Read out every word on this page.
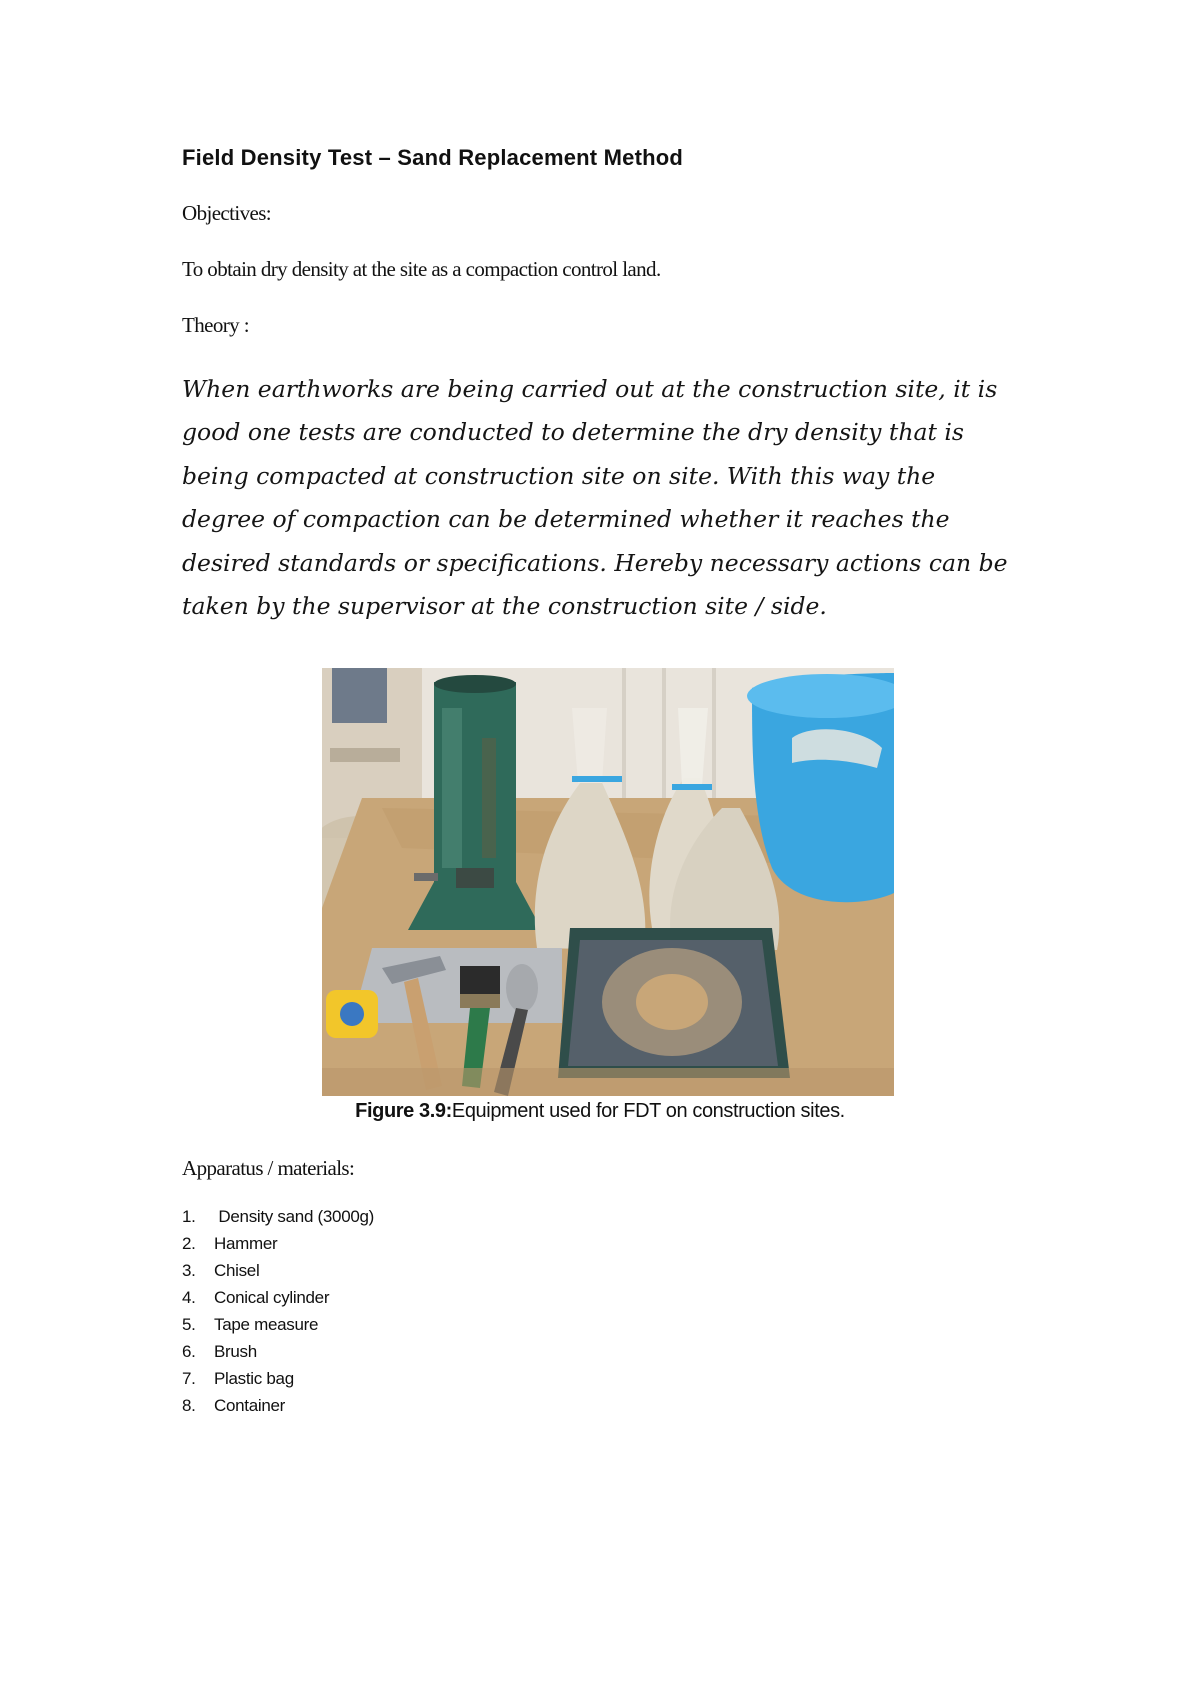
Field Density Test – Sand Replacement Method

Objectives:

To obtain dry density at the site as a compaction control land.

Theory :

When earthworks are being carried out at the construction site, it is good one tests are conducted to determine the dry density that is being compacted at construction site on site. With this way the degree of compaction can be determined whether it reaches the desired standards or specifications. Hereby necessary actions can be taken by the supervisor at the construction site / side.

Figure 3.9:Equipment used for FDT on construction sites.

Apparatus / materials:

1. Density sand (3000g)
2. Hammer
3. Chisel
4. Conical cylinder
5. Tape measure
6. Brush
7. Plastic bag
8. Container
